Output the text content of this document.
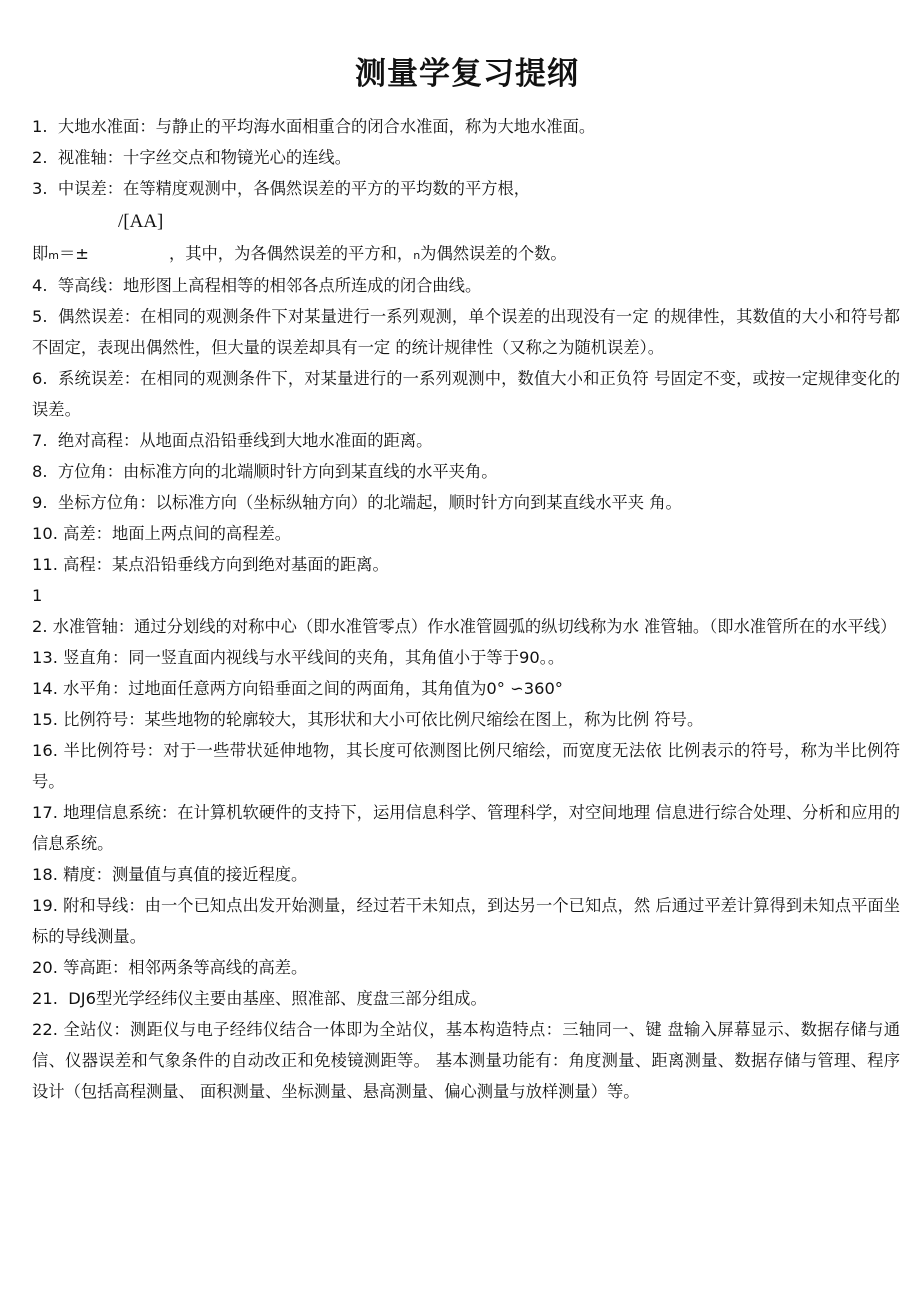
测量学复习提纲

1. 大地水准面：与静止的平均海水面相重合的闭合水准面，称为大地水准面。

2. 视准轴：十字丝交点和物镜光心的连线。

3. 中误差：在等精度观测中，各偶然误差的平方的平均数的平方根，

/[AA]
即m＝±	，其中，为各偶然误差的平方和，n为偶然误差的个数。

4. 等高线：地形图上高程相等的相邻各点所连成的闭合曲线。

5. 偶然误差：在相同的观测条件下对某量进行一系列观测，单个误差的出现没有一定 的规律性，其数值的大小和符号都不固定，表现出偶然性，但大量的误差却具有一定 的统计规律性（又称之为随机误差）。

6. 系统误差：在相同的观测条件下，对某量进行的一系列观测中，数值大小和正负符 号固定不变，或按一定规律变化的误差。

7. 绝对高程：从地面点沿铅垂线到大地水准面的距离。

8. 方位角：由标准方向的北端顺时针方向到某直线的水平夹角。

9. 坐标方位角：以标准方向（坐标纵轴方向）的北端起，顺时针方向到某直线水平夹 角。

10. 高差：地面上两点间的高程差。

11. 高程：某点沿铅垂线方向到绝对基面的距离。

12. 水准管轴：通过分划线的对称中心（即水准管零点）作水准管圆弧的纵切线称为水 准管轴。（即水准管所在的水平线）

13. 竖直角：同一竖直面内视线与水平线间的夹角，其角值小于等于90。。

14. 水平角：过地面任意两方向铅垂面之间的两面角，其角值为0° ∽360°

15. 比例符号：某些地物的轮廓较大，其形状和大小可依比例尺缩绘在图上，称为比例 符号。

16. 半比例符号：对于一些带状延伸地物，其长度可依测图比例尺缩绘，而宽度无法依 比例表示的符号，称为半比例符号。

17. 地理信息系统：在计算机软硬件的支持下，运用信息科学、管理科学，对空间地理 信息进行综合处理、分析和应用的信息系统。

18. 精度：测量值与真值的接近程度。

19. 附和导线：由一个已知点出发开始测量，经过若干未知点，到达另一个已知点，然 后通过平差计算得到未知点平面坐标的导线测量。

20. 等高距：相邻两条等高线的高差。

21.  DJ6型光学经纬仪主要由基座、照准部、度盘三部分组成。

22. 全站仪：测距仪与电子经纬仪结合一体即为全站仪，基本构造特点：三轴同一、键 盘输入屏幕显示、数据存储与通信、仪器误差和气象条件的自动改正和免棱镜测距等。 基本测量功能有：角度测量、距离测量、数据存储与管理、程序设计（包括高程测量、 面积测量、坐标测量、悬高测量、偏心测量与放样测量）等。
